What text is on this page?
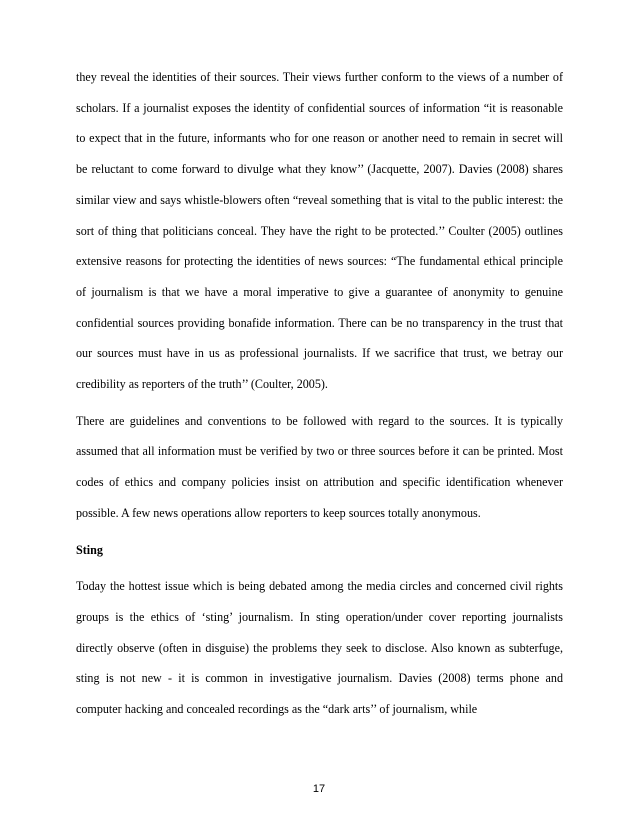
they reveal the identities of their sources. Their views further conform to the views of a number of scholars. If a journalist exposes the identity of confidential sources of information “it is reasonable to expect that in the future, informants who for one reason or another need to remain in secret will be reluctant to come forward to divulge what they know’’ (Jacquette, 2007). Davies (2008) shares similar view and says whistle-blowers often “reveal something that is vital to the public interest: the sort of thing that politicians conceal. They have the right to be protected.’’ Coulter (2005) outlines extensive reasons for protecting the identities of news sources: “The fundamental ethical principle of journalism is that we have a moral imperative to give a guarantee of anonymity to genuine confidential sources providing bonafide information. There can be no transparency in the trust that our sources must have in us as professional journalists. If we sacrifice that trust, we betray our credibility as reporters of the truth’’ (Coulter, 2005).

There are guidelines and conventions to be followed with regard to the sources. It is typically assumed that all information must be verified by two or three sources before it can be printed. Most codes of ethics and company policies insist on attribution and specific identification whenever possible. A few news operations allow reporters to keep sources totally anonymous.

Sting

Today the hottest issue which is being debated among the media circles and concerned civil rights groups is the ethics of ‘sting’ journalism. In sting operation/under cover reporting journalists directly observe (often in disguise) the problems they seek to disclose. Also known as subterfuge, sting is not new - it is common in investigative journalism. Davies (2008) terms phone and computer hacking and concealed recordings as the “dark arts’’ of journalism, while

17
